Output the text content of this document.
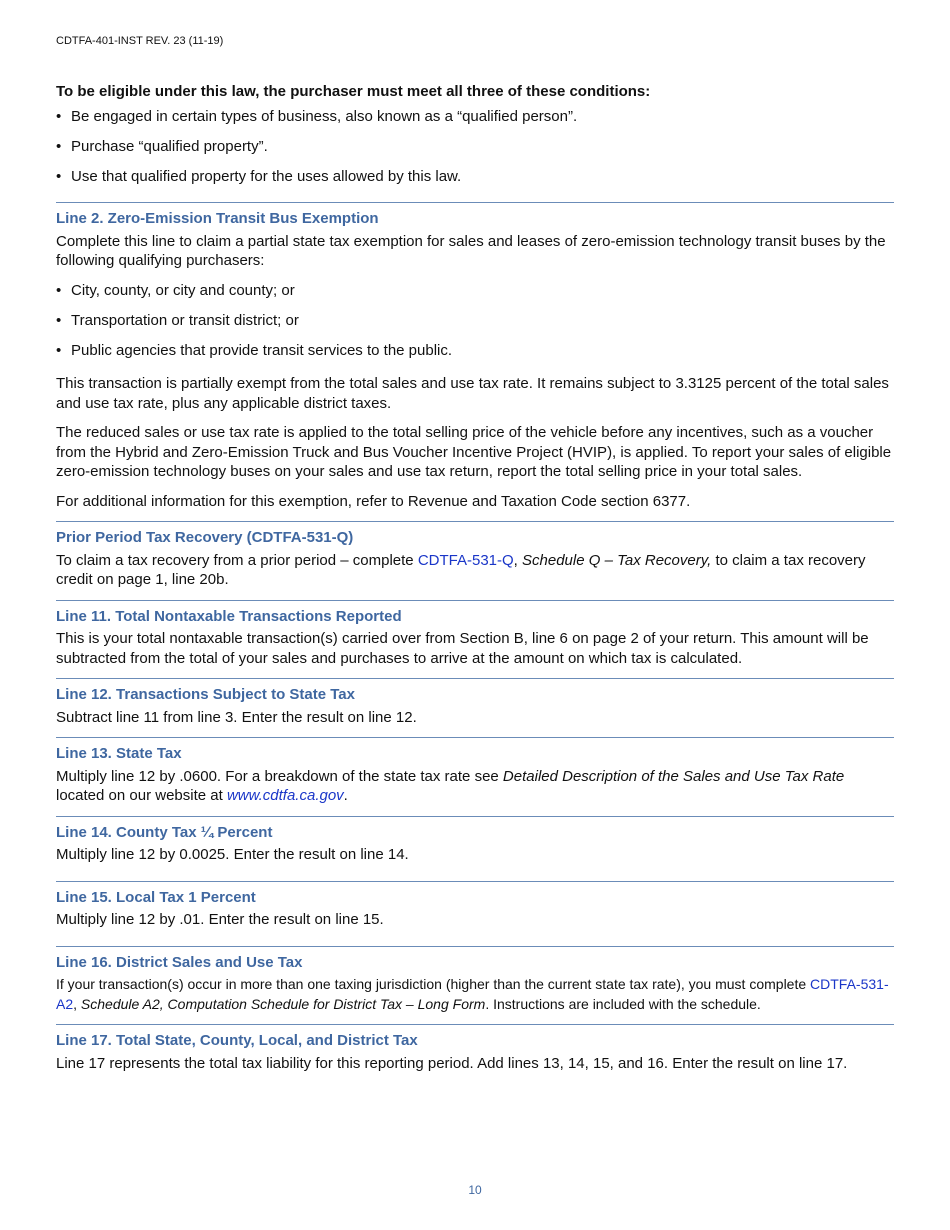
CDTFA-401-INST REV. 23 (11-19)

To be eligible under this law, the purchaser must meet all three of these conditions:

• Be engaged in certain types of business, also known as a “qualified person”.
• Purchase “qualified property”.
• Use that qualified property for the uses allowed by this law.
Line 2. Zero-Emission Transit Bus Exemption

Complete this line to claim a partial state tax exemption for sales and leases of zero-emission technology transit buses by the following qualifying purchasers:

• City, county, or city and county; or
• Transportation or transit district; or
• Public agencies that provide transit services to the public.

This transaction is partially exempt from the total sales and use tax rate. It remains subject to 3.3125 percent of the total sales and use tax rate, plus any applicable district taxes.

The reduced sales or use tax rate is applied to the total selling price of the vehicle before any incentives, such as a voucher from the Hybrid and Zero-Emission Truck and Bus Voucher Incentive Project (HVIP), is applied. To report your sales of eligible zero-emission technology buses on your sales and use tax return, report the total selling price in your total sales.

For additional information for this exemption, refer to Revenue and Taxation Code section 6377.

Prior Period Tax Recovery (CDTFA-531-Q)

To claim a tax recovery from a prior period – complete CDTFA-531-Q, Schedule Q – Tax Recovery, to claim a tax recovery credit on page 1, line 20b.

Line 11. Total Nontaxable Transactions Reported

This is your total nontaxable transaction(s) carried over from Section B, line 6 on page 2 of your return. This amount will be subtracted from the total of your sales and purchases to arrive at the amount on which tax is calculated.

Line 12. Transactions Subject to State Tax

Subtract line 11 from line 3. Enter the result on line 12.

Line 13. State Tax

Multiply line 12 by .0600. For a breakdown of the state tax rate see Detailed Description of the Sales and Use Tax Rate located on our website at www.cdtfa.ca.gov.

Line 14. County Tax ¼ Percent

Multiply line 12 by 0.0025. Enter the result on line 14.

Line 15. Local Tax 1 Percent

Multiply line 12 by .01. Enter the result on line 15.

Line 16. District Sales and Use Tax

If your transaction(s) occur in more than one taxing jurisdiction (higher than the current state tax rate), you must complete CDTFA-531-A2, Schedule A2, Computation Schedule for District Tax – Long Form. Instructions are included with the schedule.

Line 17. Total State, County, Local, and District Tax

Line 17 represents the total tax liability for this reporting period. Add lines 13, 14, 15, and 16. Enter the result on line 17.

10
